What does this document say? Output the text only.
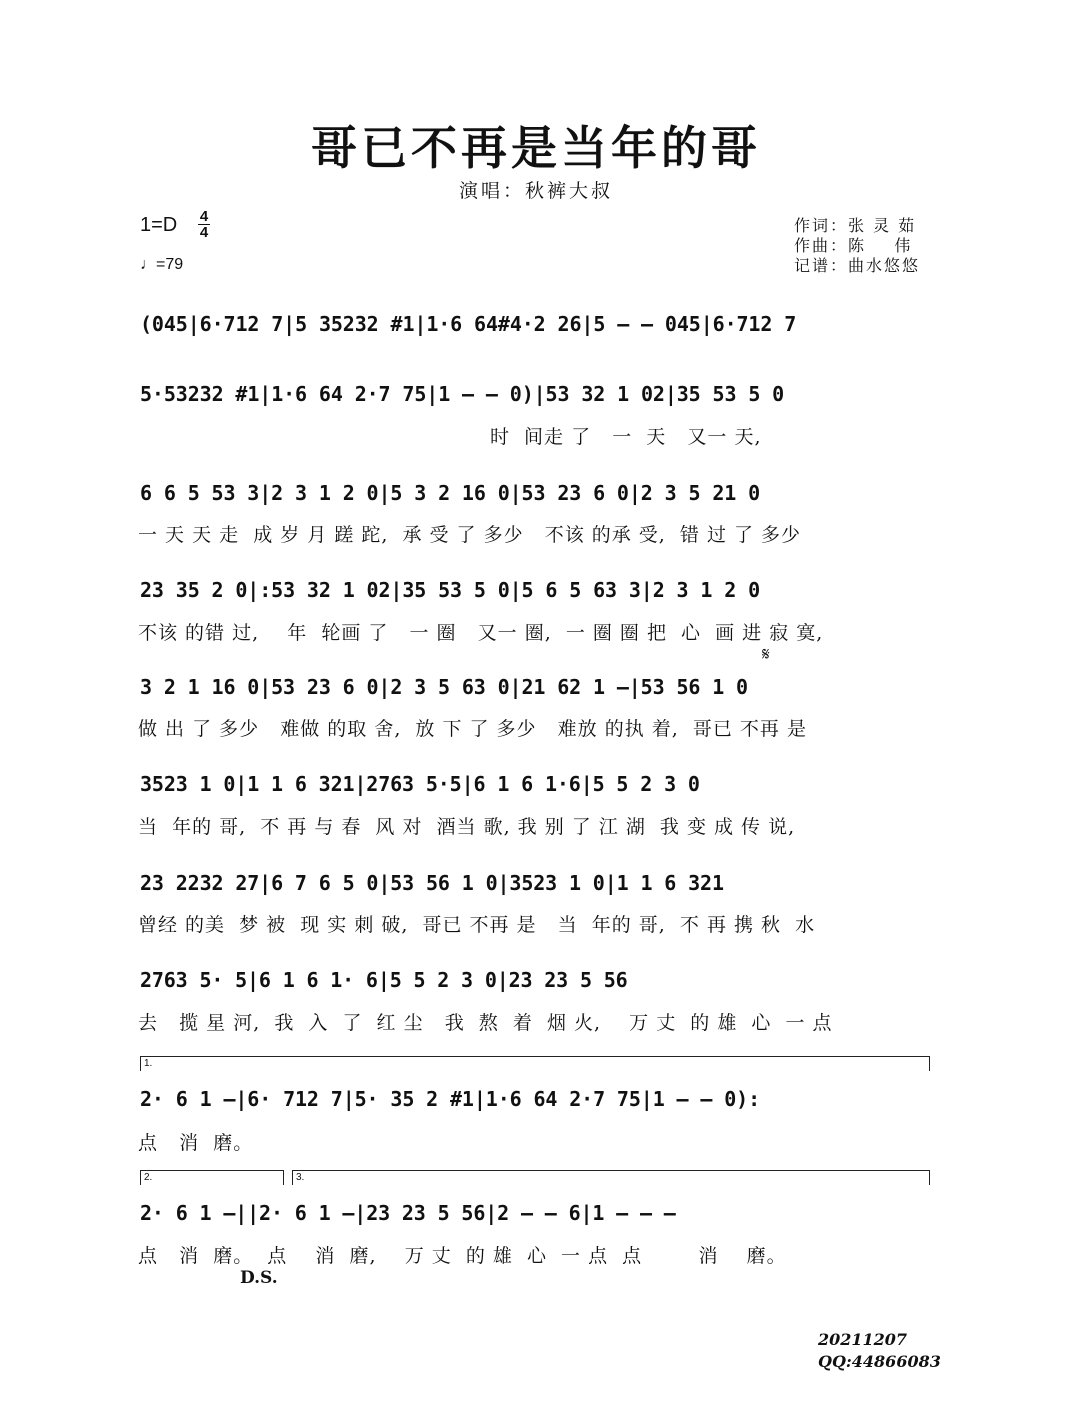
哥已不再是当年的哥
演唱：秋裤大叔
1=D 4
4
♩=79
作词：张 灵 茹
作曲：陈    伟
记谱：曲水悠悠
(045|6·712 7|5 35232 #1|1·6 64#4·2 26|5 – – 045|6·712 7
5·53232 #1|1·6 64 2·7 75|1 – – 0)|53 32 1 02|35 53 5 0
时  间走 了   一  天   又一 天,
6 6 5 53 3|2 3 1 2 0|5 3 2 16 0|53 23 6 0|2 3 5 21 0
一 天 天 走  成 岁 月 蹉 跎,  承 受 了 多少   不该 的承 受,  错 过 了 多少
23 35 2 0|:53 32 1 02|35 53 5 0|5 6 5 63 3|2 3 1 2 0
不该 的错 过,    年  轮画 了   一 圈   又一 圈,  一 圈 圈 把  心  画 进 寂 寞,
𝄋
3 2 1 16 0|53 23 6 0|2 3 5 63 0|21 62 1 –|53 56 1 0
做 出 了 多少   难做 的取 舍,  放 下 了 多少   难放 的执 着,  哥已 不再 是
3523 1 0|1 1 6 321|2763 5·5|6 1 6 1·6|5 5 2 3 0
当  年的 哥,  不 再 与 春  风 对  酒当 歌, 我 别 了 江 湖  我 变 成 传 说,
23 2232 27|6 7 6 5 0|53 56 1 0|3523 1 0|1 1 6 321
曾经 的美  梦 被  现 实 刺 破,  哥已 不再 是   当  年的 哥,  不 再 携 秋  水
2763 5· 5|6 1 6 1· 6|5 5 2 3 0|23 23 5 56
去   揽 星 河,  我  入  了  红 尘   我  熬  着  烟 火,    万 丈  的 雄  心  一 点
1.
2· 6 1 –|6· 712 7|5· 35 2 #1|1·6 64 2·7 75|1 – – 0):
点   消  磨。
2.	3.
2· 6 1 –||2· 6 1 –|23 23 5 56|2 – – 6|1 – – –
点   消  磨。  点    消  磨,    万 丈  的 雄  心  一 点  点        消    磨。
D.S.
20211207
QQ:44866083
